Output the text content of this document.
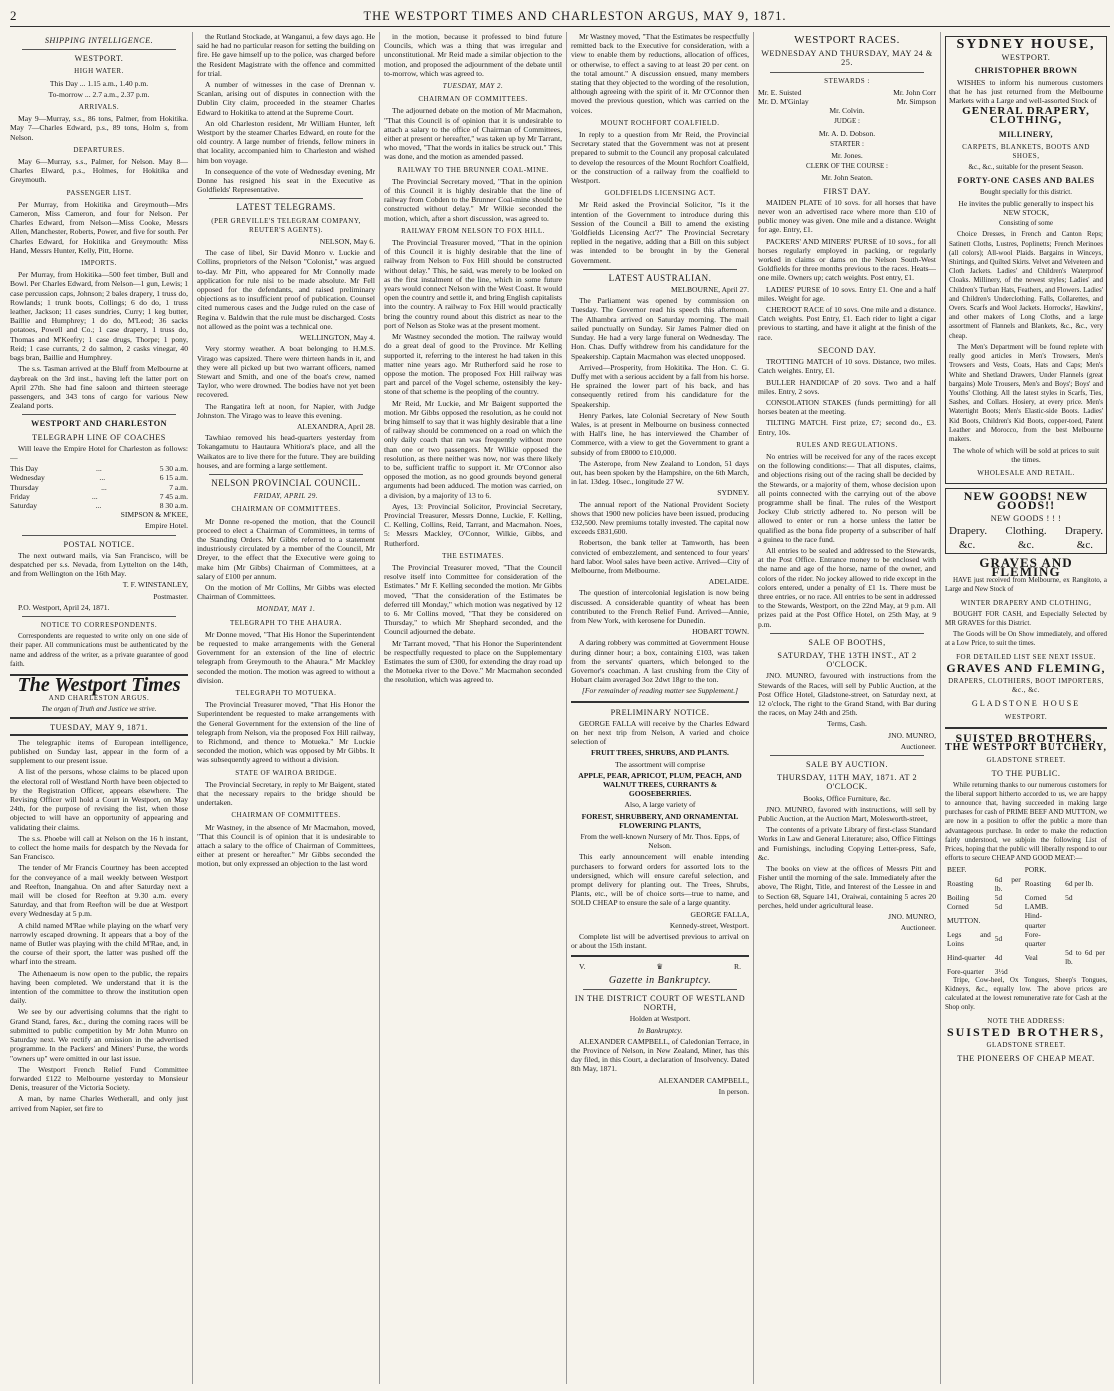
2	THE WESTPORT TIMES AND CHARLESTON ARGUS, MAY 9, 1871.
SHIPPING INTELLIGENCE.
WESTPORT.
HIGH WATER.

This Day ... 1.15 a.m., 1.40 p.m.

To-morrow ... 2.7 a.m., 2.37 p.m.

ARRIVALS.

May 9—Murray, s.s., 86 tons, Palmer, from Hokitika. May 7—Charles Edward, p.s., 89 tons, Holm s, from Nelson.

DEPARTURES.

May 6—Murray, s.s., Palmer, for Nelson. May 8—Charles Elward, p.s., Holmes, for Hokitika and Greymouth.

PASSENGER LIST.

Per Murray, from Hokitika and Greymouth—Mrs Cameron, Miss Cameron, and four for Nelson. Per Charles Edward, from Nelson—Miss Cooke, Messrs Allen, Manchester, Roberts, Power, and five for south. Per Charles Edward, for Hokitika and Greymouth: Miss Hand, Messrs Hunter, Kelly, Pitt, Horne.

IMPORTS.

Per Murray, from Hokitika—500 feet timber, Bull and Bowl. Per Charles Edward, from Nelson—1 gun, Lewis; 1 case percussion caps, Johnson; 2 bales drapery, 1 truss do, Rowlands; 1 trunk boots, Collings; 6 do do, 1 truss leather, Jackson; 11 cases sundries, Curry; 1 keg butter, Baillie and Humphrey; 1 do do, M'Leod; 36 sacks potatoes, Powell and Co.; 1 case drapery, 1 truss do, Thomas and M'Keefry; 1 case drugs, Thorpe; 1 pony, Reid; 1 case currants, 2 do salmon, 2 casks vinegar, 40 bags bran, Baillie and Humphrey.

The s.s. Tasman arrived at the Bluff from Melbourne at daybreak on the 3rd inst., having left the latter port on April 27th. She had fine saloon and thirteen steerage passengers, and 343 tons of cargo for various New Zealand ports.

WESTPORT AND CHARLESTON
TELEGRAPH LINE OF COACHES

Will leave the Empire Hotel for Charleston as follows:—

This Day	...	5 30 a.m.
Wednesday	...	6 15 a.m.
Thursday	...	7 a.m.
Friday	...	7 45 a.m.
Saturday	...	8 30 a.m.

SIMPSON & M'KEE,

Empire Hotel.

POSTAL NOTICE.

The next outward mails, via San Francisco, will be despatched per s.s. Nevada, from Lyttelton on the 14th, and from Wellington on the 16th May.

T. F. WINSTANLEY,

Postmaster.

P.O. Westport, April 24, 1871.

NOTICE TO CORRESPONDENTS.

Correspondents are requested to write only on one side of their paper. All communications must be authenticated by the name and address of the writer, as a private guarantee of good faith.

The Westport Times
AND CHARLESTON ARGUS.

The organ of Truth and Justice we strive.

TUESDAY, MAY 9, 1871.

The telegraphic items of European intelligence, published on Sunday last, appear in the form of a supplement to our present issue.

A list of the persons, whose claims to be placed upon the electoral roll of Westland North have been objected to by the Registration Officer, appears elsewhere. The Revising Officer will hold a Court in Westport, on May 24th, for the purpose of revising the list, when those objected to will have an opportunity of appearing and validating their claims.

The s.s. Phoebe will call at Nelson on the 16 h instant, to collect the home mails for despatch by the Nevada for San Francisco.

The tender of Mr Francis Courtney has been accepted for the conveyance of a mail weekly between Westport and Reefton, Inangahua. On and after Saturday next a mail will be closed for Reefton at 9.30 a.m. every Saturday, and that from Reefton will be due at Westport every Wednesday at 5 p.m.

A child named M'Rae while playing on the wharf very narrowly escaped drowning. It appears that a boy of the name of Butler was playing with the child M'Rae, and, in the course of their sport, the latter was pushed off the wharf into the stream.

The Athenaeum is now open to the public, the repairs having been completed. We understand that it is the intention of the committee to throw the institution open daily.

We see by our advertising columns that the right to Grand Stand, fares, &c., during the coming races will be submitted to public competition by Mr John Munro on Saturday next. We rectify an omission in the advertised programme. In the Packers' and Miners' Purse, the words "owners up" were omitted in our last issue.

The Westport French Relief Fund Committee forwarded £122 to Melbourne yesterday to Monsieur Denis, treasurer of the Victoria Society.

A man, by name Charles Wetherall, and only just arrived from Napier, set fire to

the Rutland Stockade, at Wanganui, a few days ago. He said he had no particular reason for setting the building on fire. He gave himself up to the police, was charged before the Resident Magistrate with the offence and committed for trial.

A number of witnesses in the case of Drennan v. Scanlan, arising out of disputes in connection with the Dublin City claim, proceeded in the steamer Charles Edward to Hokitika to attend at the Supreme Court.

An old Charleston resident, Mr William Hunter, left Westport by the steamer Charles Edward, en route for the old country. A large number of friends, fellow miners in that locality, accompanied him to Charleston and wished him bon voyage.

In consequence of the vote of Wednesday evening, Mr Donne has resigned his seat in the Executive as Goldfields' Representative.

LATEST TELEGRAMS.
(PER GREVILLE'S TELEGRAM COMPANY, REUTER'S AGENTS).

NELSON, May 6.

The case of libel, Sir David Monro v. Luckie and Collins, proprietors of the Nelson "Colonist," was argued to-day. Mr Pitt, who appeared for Mr Connolly made application for rule nisi to be made absolute. Mr Fell opposed for the defendants, and raised preliminary objections as to insufficient proof of publication. Counsel cited numerous cases and the Judge ruled on the case of Regina v. Baldwin that the rule must be discharged. Costs not allowed as the point was a technical one.

WELLINGTON, May 4.

Very stormy weather. A boat belonging to H.M.S. Virago was capsized. There were thirteen hands in it, and they were all picked up but two warrant officers, named Stewart and Smith, and one of the boat's crew, named Taylor, who were drowned. The bodies have not yet been recovered.

The Rangatira left at noon, for Napier, with Judge Johnston. The Virago was to leave this evening.

ALEXANDRA, April 28.

Tawhiao removed his head-quarters yesterday from Tokangamutu to Hautaura Whitiora's place, and all the Waikatos are to live there for the future. They are building houses, and are forming a large settlement.

NELSON PROVINCIAL COUNCIL.
FRIDAY, APRIL 29.
CHAIRMAN OF COMMITTEES.

Mr Donne re-opened the motion, that the Council proceed to elect a Chairman of Committees, in terms of the Standing Orders. Mr Gibbs referred to a statement industriously circulated by a member of the Council, Mr Dreyer, to the effect that the Executive were going to make him (Mr Gibbs) Chairman of Committees, at a salary of £100 per annum.

On the motion of Mr Collins, Mr Gibbs was elected Chairman of Committees.

MONDAY, MAY 1.
TELEGRAPH TO THE AHAURA.

Mr Donne moved, "That His Honor the Superintendent be requested to make arrangements with the General Government for an extension of the line of electric telegraph from Greymouth to the Ahaura." Mr Mackley seconded the motion. The motion was agreed to without a division.

TELEGRAPH TO MOTUEKA.

The Provincial Treasurer moved, "That His Honor the Superintendent be requested to make arrangements with the General Government for the extension of the line of telegraph from Nelson, via the proposed Fox Hill railway, to Richmond, and thence to Motueka." Mr Luckie seconded the motion, which was opposed by Mr Gibbs. It was subsequently agreed to without a division.

STATE OF WAIROA BRIDGE.

The Provincial Secretary, in reply to Mr Baigent, stated that the necessary repairs to the bridge should be undertaken.

CHAIRMAN OF COMMITTEES.

Mr Wastney, in the absence of Mr Macmahon, moved, "That this Council is of opinion that it is undesirable to attach a salary to the office of Chairman of Committees, either at present or hereafter." Mr Gibbs seconded the motion, but only expressed an objection to the last word

in the motion, because it professed to bind future Councils, which was a thing that was irregular and unconstitutional. Mr Reid made a similar objection to the motion, and proposed the adjournment of the debate until to-morrow, which was agreed to.

TUESDAY, MAY 2.
CHAIRMAN OF COMMITTEES.

The adjourned debate on the motion of Mr Macmahon, "That this Council is of opinion that it is undesirable to attach a salary to the office of Chairman of Committees, either at present or hereafter," was taken up by Mr Tarrant, who moved, "That the words in italics be struck out." This was done, and the motion as amended passed.

RAILWAY TO THE BRUNNER COAL-MINE.

The Provincial Secretary moved, "That in the opinion of this Council it is highly desirable that the line of railway from Cobden to the Brunner Coal-mine should be constructed without delay." Mr Wilkie seconded the motion, which, after a short discussion, was agreed to.

RAILWAY FROM NELSON TO FOX HILL.

The Provincial Treasurer moved, "That in the opinion of this Council it is highly desirable that the line of railway from Nelson to Fox Hill should be constructed without delay." This, he said, was merely to be looked on as the first instalment of the line, which in some future years would connect Nelson with the West Coast. It would open the country and settle it, and bring English capitalists into the country. A railway to Fox Hill would practically bring the country round about this district as near to the port of Nelson as Stoke was at the present moment.

Mr Wastney seconded the motion. The railway would do a great deal of good to the Province. Mr Kelling supported it, referring to the interest he had taken in this matter nine years ago. Mr Rutherford said he rose to oppose the motion. The proposed Fox Hill railway was part and parcel of the Vogel scheme, ostensibly the key-stone of that scheme is the peopling of the country.

Mr Reid, Mr Luckie, and Mr Baigent supported the motion. Mr Gibbs opposed the resolution, as he could not bring himself to say that it was highly desirable that a line of railway should be commenced on a road on which the only daily coach that ran was frequently without more than one or two passengers. Mr Wilkie opposed the resolution, as there neither was now, nor was there likely to be, sufficient traffic to support it. Mr O'Connor also opposed the motion, as no good grounds beyond general arguments had been adduced. The motion was carried, on a division, by a majority of 13 to 6.

Ayes, 13: Provincial Solicitor, Provincial Secretary, Provincial Treasurer, Messrs Donne, Luckie, F. Kelling, C. Kelling, Collins, Reid, Tarrant, and Macmahon. Noes, 5: Messrs Mackley, O'Connor, Wilkie, Gibbs, and Rutherford.

THE ESTIMATES.

The Provincial Treasurer moved, "That the Council resolve itself into Committee for consideration of the Estimates." Mr F. Kelling seconded the motion. Mr Gibbs moved, "That the consideration of the Estimates be deferred till Monday," which motion was negatived by 12 to 6. Mr Collins moved, "That they be considered on Thursday," to which Mr Shephard seconded, and the Council adjourned the debate.

Mr Tarrant moved, "That his Honor the Superintendent be respectfully requested to place on the Supplementary Estimates the sum of £300, for extending the dray road up the Motueka river to the Dove." Mr Macmahon seconded the resolution, which was agreed to.

Mr Wastney moved, "That the Estimates be respectfully remitted back to the Executive for consideration, with a view to enable them by reductions, allocation of offices, or otherwise, to effect a saving to at least 20 per cent. on the total amount." A discussion ensued, many members stating that they objected to the wording of the resolution, although agreeing with the spirit of it. Mr O'Connor then moved the previous question, which was carried on the voices.

MOUNT ROCHFORT COALFIELD.

In reply to a question from Mr Reid, the Provincial Secretary stated that the Government was not at present prepared to submit to the Council any proposal calculated to develop the resources of the Mount Rochfort Coalfield, or the construction of a railway from the coalfield to Westport.

GOLDFIELDS LICENSING ACT.

Mr Reid asked the Provincial Solicitor, "Is it the intention of the Government to introduce during this Session of the Council a Bill to amend the existing 'Goldfields Licensing Act'?" The Provincial Secretary replied in the negative, adding that a Bill on this subject was intended to be brought in by the General Government.

LATEST AUSTRALIAN.

MELBOURNE, April 27.

The Parliament was opened by commission on Tuesday. The Governor read his speech this afternoon. The Alhambra arrived on Saturday morning. The mail sailed punctually on Sunday. Sir James Palmer died on Sunday. He had a very large funeral on Wednesday. The Hon. Chas. Duffy withdrew from his candidature for the Speakership. Captain Macmahon was elected unopposed.

Arrived—Prosperity, from Hokitika. The Hon. C. G. Duffy met with a serious accident by a fall from his horse. He sprained the lower part of his back, and has consequently retired from his candidature for the Speakership.

Henry Parkes, late Colonial Secretary of New South Wales, is at present in Melbourne on business connected with Hall's line, he has interviewed the Chamber of Commerce, with a view to get the Government to grant a subsidy of from £8000 to £10,000.

The Asterope, from New Zealand to London, 51 days out, has been spoken by the Hampshire, on the 6th March, in lat. 13deg. 10sec., longitude 27 W.

SYDNEY.

The annual report of the National Provident Society shows that 1900 new policies have been issued, producing £32,500. New premiums totally invested. The capital now exceeds £831,600.

Robertson, the bank teller at Tamworth, has been convicted of embezzlement, and sentenced to four years' hard labor. Wool sales have been active. Arrived—City of Melbourne, from Melbourne.

ADELAIDE.

The question of intercolonial legislation is now being discussed. A considerable quantity of wheat has been contributed to the French Relief Fund. Arrived—Annie, from New York, with kerosene for Dunedin.

HOBART TOWN.

A daring robbery was committed at Government House during dinner hour; a box, containing £103, was taken from the servants' quarters, which belonged to the Governor's coachman. A last crushing from the City of Hobart claim averaged 3oz 2dwt 18gr to the ton.

[For remainder of reading matter see Supplement.]

PRELIMINARY NOTICE.

GEORGE FALLA will receive by the Charles Edward on her next trip from Nelson, A varied and choice selection of

FRUIT TREES, SHRUBS, AND PLANTS.

The assortment will comprise

APPLE, PEAR, APRICOT, PLUM, PEACH, AND WALNUT TREES, CURRANTS & GOOSEBERRIES.

Also, A large variety of

FOREST, SHRUBBERY, AND ORNAMENTAL FLOWERING PLANTS,

From the well-known Nursery of Mr. Thos. Epps, of Nelson.

This early announcement will enable intending purchasers to forward orders for assorted lots to the undersigned, which will ensure careful selection, and prompt delivery for planting out. The Trees, Shrubs, Plants, etc., will be of choice sorts—true to name, and SOLD CHEAP to ensure the sale of a large quantity.

GEORGE FALLA,

Kennedy-street, Westport.

Complete list will be advertised previous to arrival on or about the 15th instant.

V.	♛	R.
Gazette in Bankruptcy.
IN THE DISTRICT COURT OF WESTLAND NORTH,

Holden at Westport.

In Bankruptcy.

ALEXANDER CAMPBELL, of Caledonian Terrace, in the Province of Nelson, in New Zealand, Miner, has this day filed, in this Court, a declaration of Insolvency. Dated 8th May, 1871.

ALEXANDER CAMPBELL,

In person.

WESTPORT RACES.
WEDNESDAY AND THURSDAY, MAY 24 & 25.
STEWARDS :
Mr. E. Suisted	Mr. John Corr
Mr. D. M'Ginlay	Mr. Simpson

Mr. Colvin.

JUDGE :

Mr. A. D. Dobson.

STARTER :

Mr. Jones.

CLERK OF THE COURSE :

Mr. John Seaton.

FIRST DAY.

MAIDEN PLATE of 10 sovs. for all horses that have never won an advertised race where more than £10 of public money was given. One mile and a distance. Weight for age. Entry, £1.

PACKERS' AND MINERS' PURSE of 10 sovs., for all horses regularly employed in packing, or regularly worked in claims or dams on the Nelson South-West Goldfields for three months previous to the races. Heats—one mile. Owners up; catch weights. Post entry, £1.

LADIES' PURSE of 10 sovs. Entry £1. One and a half miles. Weight for age.

CHEROOT RACE of 10 sovs. One mile and a distance. Catch weights. Post Entry, £1. Each rider to light a cigar previous to starting, and have it alight at the finish of the race.

SECOND DAY.

TROTTING MATCH of 10 sovs. Distance, two miles. Catch weights. Entry, £1.

BULLER HANDICAP of 20 sovs. Two and a half miles. Entry, 2 sovs.

CONSOLATION STAKES (funds permitting) for all horses beaten at the meeting.

TILTING MATCH. First prize, £7; second do., £3. Entry, 10s.

RULES AND REGULATIONS.

No entries will be received for any of the races except on the following conditions:— That all disputes, claims, and objections rising out of the racing shall be decided by the Stewards, or a majority of them, whose decision upon all points connected with the carrying out of the above programme shall be final. The rules of the Westport Jockey Club strictly adhered to. No person will be allowed to enter or run a horse unless the latter be qualified as the bona fide property of a subscriber of half a guinea to the race fund.

All entries to be sealed and addressed to the Stewards, at the Post Office. Entrance money to be enclosed with the name and age of the horse, name of the owner, and colors of the rider. No jockey allowed to ride except in the colors entered, under a penalty of £1 1s. There must be three entries, or no race. All entries to be sent in addressed to the Stewards, Westport, on the 22nd May, at 9 p.m. All prizes paid at the Post Office Hotel, on 25th May, at 9 p.m.

SALE OF BOOTHS,
SATURDAY, THE 13TH INST., AT 2 O'CLOCK.

JNO. MUNRO, favoured with instructions from the Stewards of the Races, will sell by Public Auction, at the Post Office Hotel, Gladstone-street, on Saturday next, at 12 o'clock, The right to the Grand Stand, with Bar during the races, on May 24th and 25th.

Terms, Cash.

JNO. MUNRO,

Auctioneer.

SALE BY AUCTION.
THURSDAY, 11TH MAY, 1871. AT 2 O'CLOCK.

Books, Office Furniture, &c.

JNO. MUNRO, favored with instructions, will sell by Public Auction, at the Auction Mart, Molesworth-street,

The contents of a private Library of first-class Standard Works in Law and General Literature; also, Office Fittings and Furnishings, including Copying Letter-press, Safe, &c.

The books on view at the offices of Messrs Pitt and Fisher until the morning of the sale. Immediately after the above, The Right, Title, and Interest of the Lessee in and to Section 68, Square 141, Oraiwai, containing 5 acres 20 perches, held under agricultural lease.

JNO. MUNRO,

Auctioneer.

SYDNEY HOUSE,
WESTPORT.
CHRISTOPHER BROWN

WISHES to inform his numerous customers that he has just returned from the Melbourne Markets with a Large and well-assorted Stock of

GENERAL DRAPERY, CLOTHING,
MILLINERY,
CARPETS, BLANKETS, BOOTS AND SHOES,

&c., &c., suitable for the present Season.

FORTY-ONE CASES AND BALES

Bought specially for this district.

He invites the public generally to inspect his NEW STOCK,

Consisting of some

Choice Dresses, in French and Canton Reps; Satinett Cloths, Lustres, Poplinetts; French Merinoes (all colors); All-wool Plaids. Bargains in Winceys, Shirtings, and Quilted Skirts. Velvet and Velveteen and Cloth Jackets. Ladies' and Children's Waterproof Cloaks. Millinery, of the newest styles; Ladies' and Children's Turban Hats, Feathers, and Flowers. Ladies' and Children's Underclothing. Falls, Collarettes, and Overs. Scarfs and Wool Jackets. Horrocks', Hawkins', and other makers of Long Cloths, and a large assortment of Flannels and Blankets, &c., &c., very cheap.

The Men's Department will be found replete with really good articles in Men's Trowsers, Men's Trowsers and Vests, Coats, Hats and Caps; Men's White and Shetland Drawers, Under Flannels (great bargains) Mole Trousers, Men's and Boys'; Boys' and Youths' Clothing. All the latest styles in Scarfs, Ties, Sashes, and Collars. Hosiery, at every price. Men's Watertight Boots; Men's Elastic-side Boots. Ladies' Kid Boots, Children's Kid Boots, copper-toed, Patent Leather and Morocco, from the best Melbourne makers.

The whole of which will be sold at prices to suit the times.

WHOLESALE AND RETAIL.
NEW GOODS! NEW GOODS!!
NEW GOODS ! ! !
Drapery. Clothing. Drapery.
&c.	&c.	&c.
GRAVES AND FLEMING

HAVE just received from Melbourne, ex Rangitoto, a Large and New Stock of

WINTER DRAPERY AND CLOTHING,

BOUGHT FOR CASH, and Especially Selected by MR GRAVES for this District.

The Goods will be On Show immediately, and offered at a Low Price, to suit the times.

FOR DETAILED LIST SEE NEXT ISSUE.
GRAVES AND FLEMING,
DRAPERS, CLOTHIERS, BOOT IMPORTERS, &c., &c.
GLADSTONE HOUSE
WESTPORT.
SUISTED BROTHERS,
THE WESTPORT BUTCHERY,
GLADSTONE STREET.
TO THE PUBLIC.

While returning thanks to our numerous customers for the liberal support hitherto accorded to us, we are happy to announce that, having succeeded in making large purchases for cash of PRIME BEEF AND MUTTON, we are now in a position to offer the public a more than advantageous purchase. In order to make the reduction fairly understood, we subjoin the following List of Prices, hoping that the public will liberally respond to our efforts to secure CHEAP AND GOOD MEAT:—

BEEF.		PORK.	
Roasting	6d per lb.	Roasting	6d per lb.
Boiling	5d	Corned	5d
Corned	5d	LAMB.	
MUTTON.		Hind-quarter	
Legs and Loins	5d	Fore-quarter	
Hind-quarter	4d	Veal	5d to 6d per lb.
Fore-quarter	3½d		

Tripe, Cow-heel, Ox Tongues, Sheep's Tongues, Kidneys, &c., equally low. The above prices are calculated at the lowest remunerative rate for Cash at the Shop only.

NOTE THE ADDRESS:
SUISTED BROTHERS,
GLADSTONE STREET.
THE PIONEERS OF CHEAP MEAT.
